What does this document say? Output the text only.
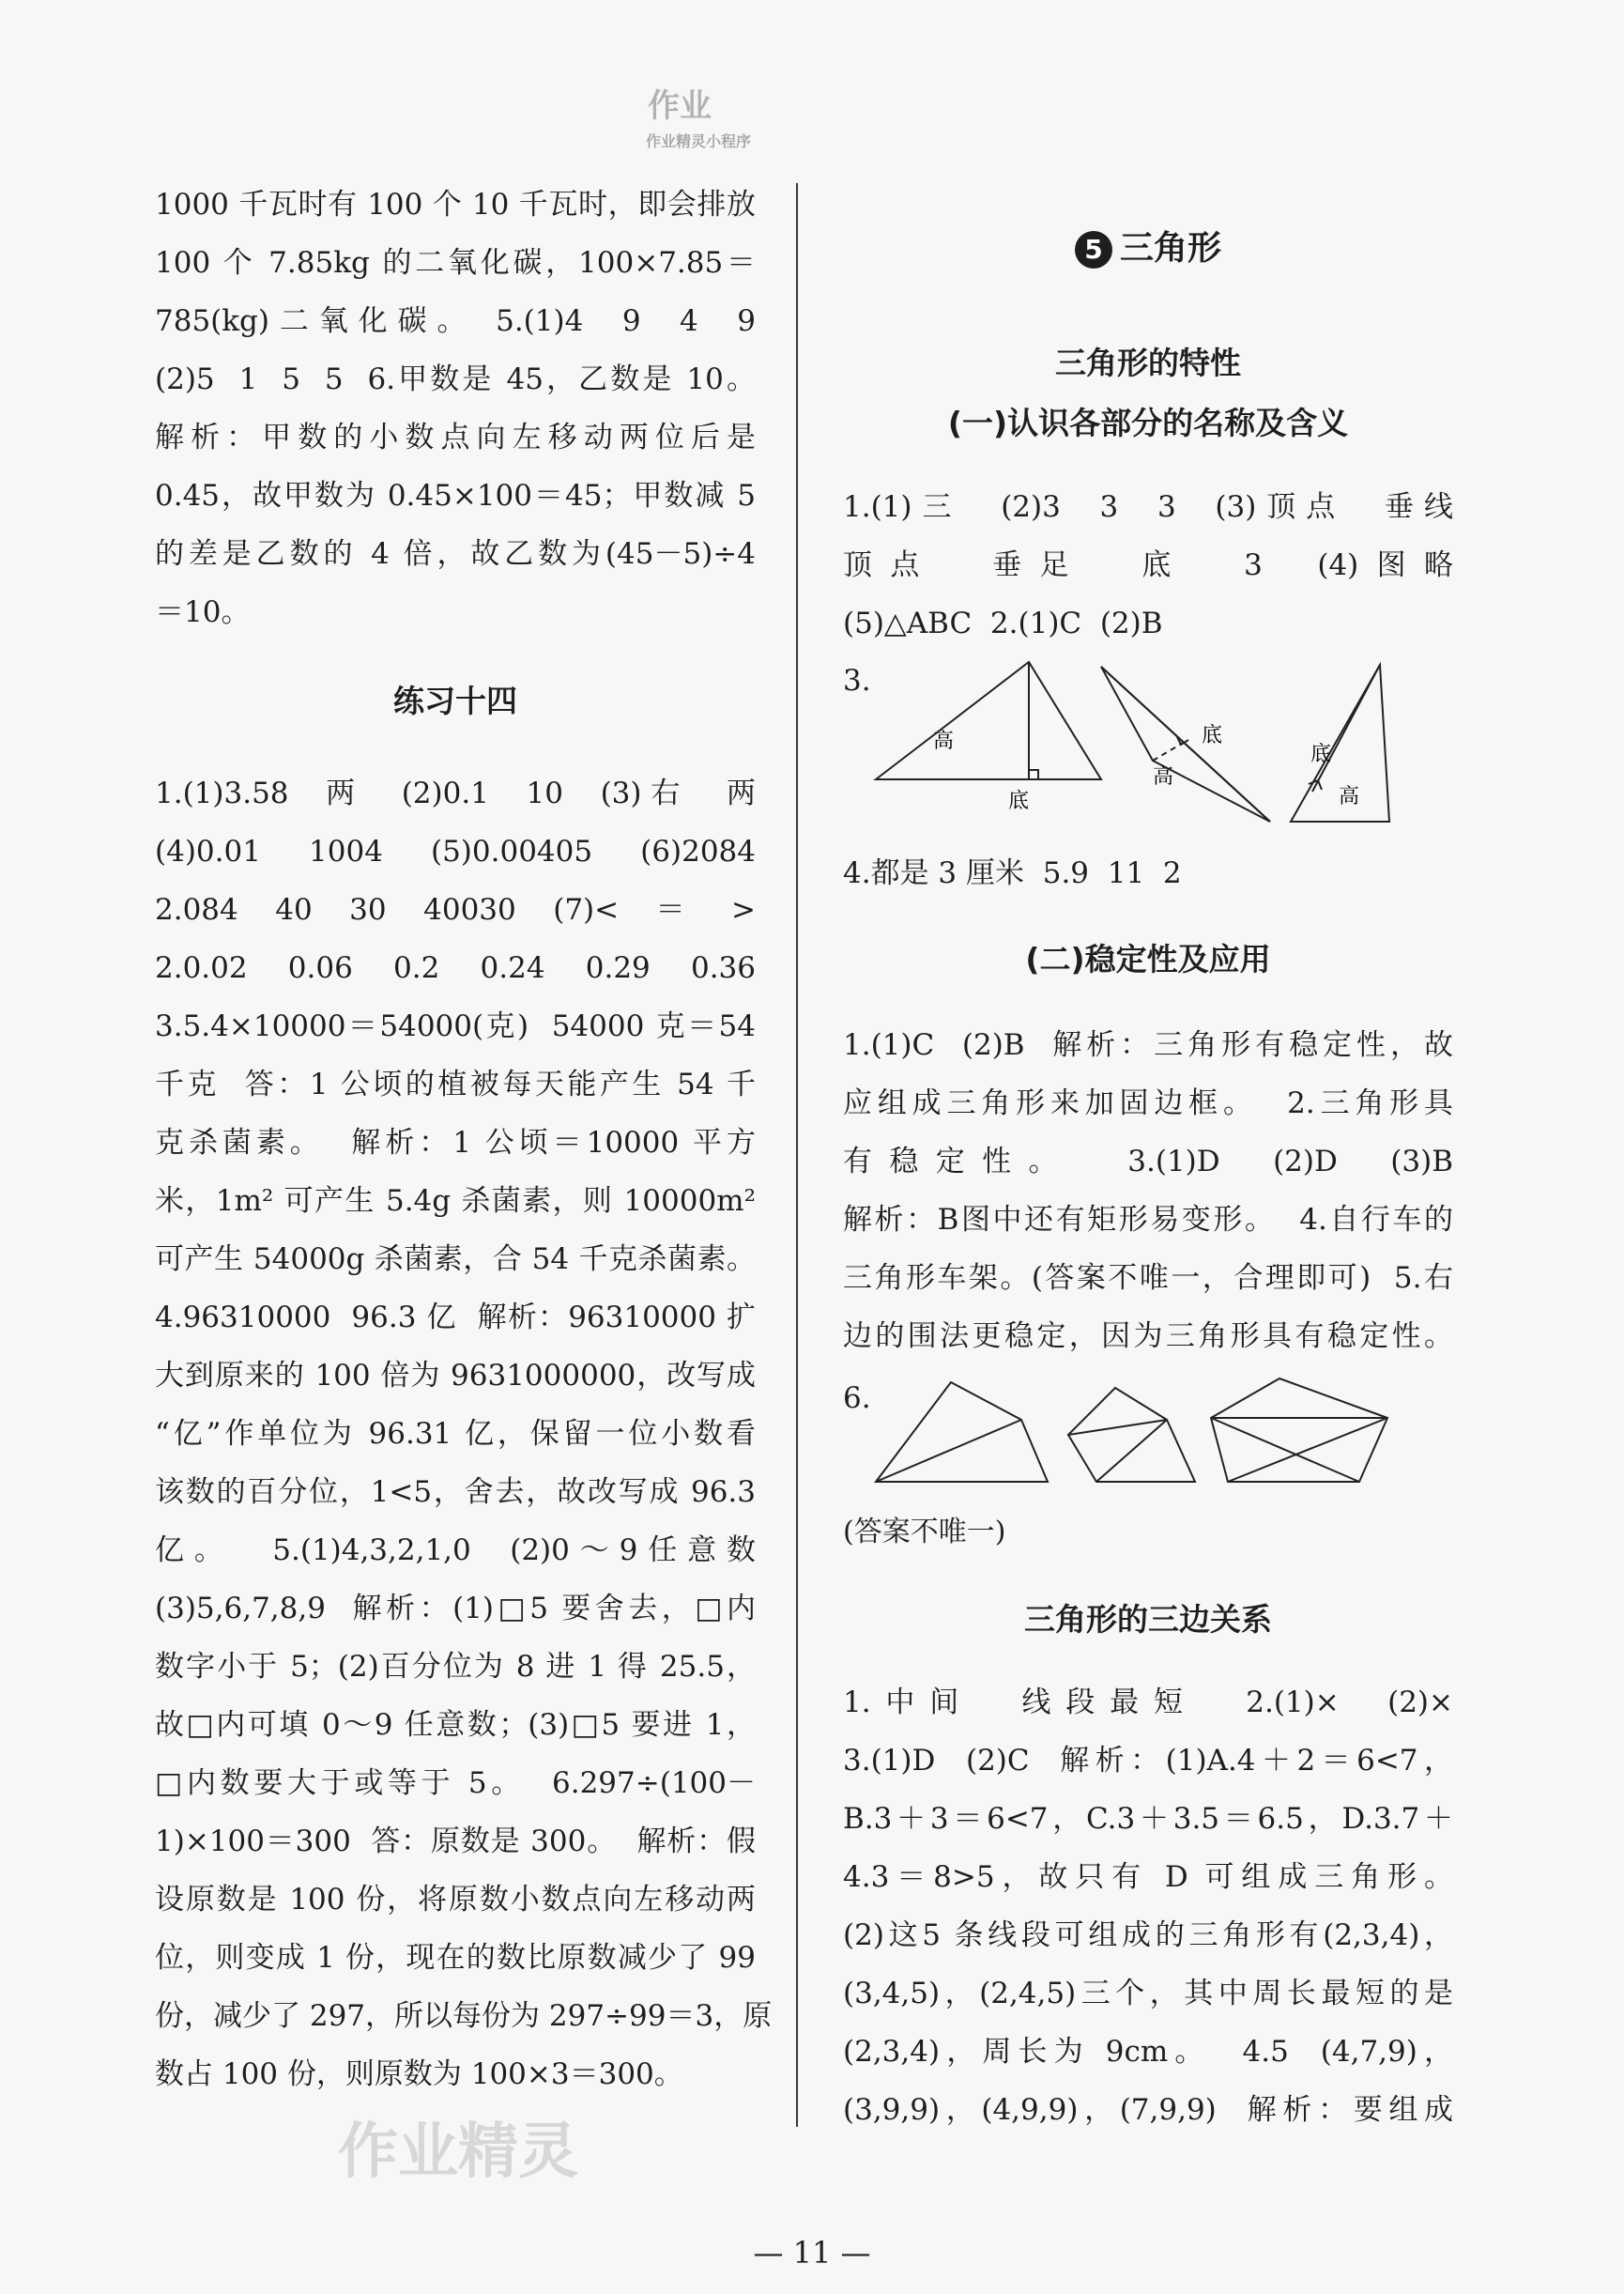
作业
作业精灵小程序
作业精灵
1000 千瓦时有 100 个 10 千瓦时，即会排放
100 个 7.85kg 的二氧化碳，100×7.85＝
785(kg)二氧化碳。 5.(1)4  9  4  9
(2)5  1  5  5  6.甲数是 45，乙数是 10。
解析：甲数的小数点向左移动两位后是
0.45，故甲数为 0.45×100＝45；甲数减 5
的差是乙数的 4 倍，故乙数为(45－5)÷4
＝10。
练习十四
1.(1)3.58  两  (2)0.1  10  (3)右  两
(4)0.01  1004  (5)0.00405  (6)2084
2.084  40  30  40030  (7)<  ＝  >
2.0.02  0.06  0.2  0.24  0.29  0.36
3.5.4×10000＝54000(克)  54000 克＝54
千克  答：1 公顷的植被每天能产生 54 千
克杀菌素。  解析：1 公顷＝10000 平方
米，1m² 可产生 5.4g 杀菌素，则 10000m²
可产生 54000g 杀菌素，合 54 千克杀菌素。
4.96310000  96.3 亿  解析：96310000 扩
大到原来的 100 倍为 9631000000，改写成
“亿”作单位为 96.31 亿，保留一位小数看
该数的百分位，1<5，舍去，故改写成 96.3
亿。  5.(1)4,3,2,1,0  (2)0～9任意数
(3)5,6,7,8,9  解析：(1)□5 要舍去，□内
数字小于 5；(2)百分位为 8 进 1 得 25.5，
故□内可填 0～9 任意数；(3)□5 要进 1，
□内数要大于或等于 5。  6.297÷(100－
1)×100＝300  答：原数是 300。  解析：假
设原数是 100 份，将原数小数点向左移动两
位，则变成 1 份，现在的数比原数减少了 99
份，减少了 297，所以每份为 297÷99＝3，原
数占 100 份，则原数为 100×3＝300。
5 三角形
三角形的特性
(一)认识各部分的名称及含义
1.(1)三  (2)3  3  3  (3)顶点  垂线
顶点  垂足  底  3  (4)图略
(5)△ABC  2.(1)C  (2)B
3.
高
底
底
高
底
高
4.都是 3 厘米  5.9  11  2
(二)稳定性及应用
1.(1)C  (2)B  解析：三角形有稳定性，故
应组成三角形来加固边框。  2.三角形具
有稳定性。  3.(1)D  (2)D  (3)B
解析：B图中还有矩形易变形。  4.自行车的
三角形车架。(答案不唯一，合理即可)  5.右
边的围法更稳定，因为三角形具有稳定性。
6.
(答案不唯一)
三角形的三边关系
1.中间  线段最短  2.(1)×  (2)×
3.(1)D  (2)C  解析：(1)A.4＋2＝6<7，
B.3＋3＝6<7，C.3＋3.5＝6.5，D.3.7＋
4.3＝8>5，故只有 D 可组成三角形。
(2)这5 条线段可组成的三角形有(2,3,4)，
(3,4,5)，(2,4,5)三个，其中周长最短的是
(2,3,4)，周长为 9cm。  4.5  (4,7,9)，
(3,9,9)，(4,9,9)，(7,9,9)  解析：要组成
— 11 —
